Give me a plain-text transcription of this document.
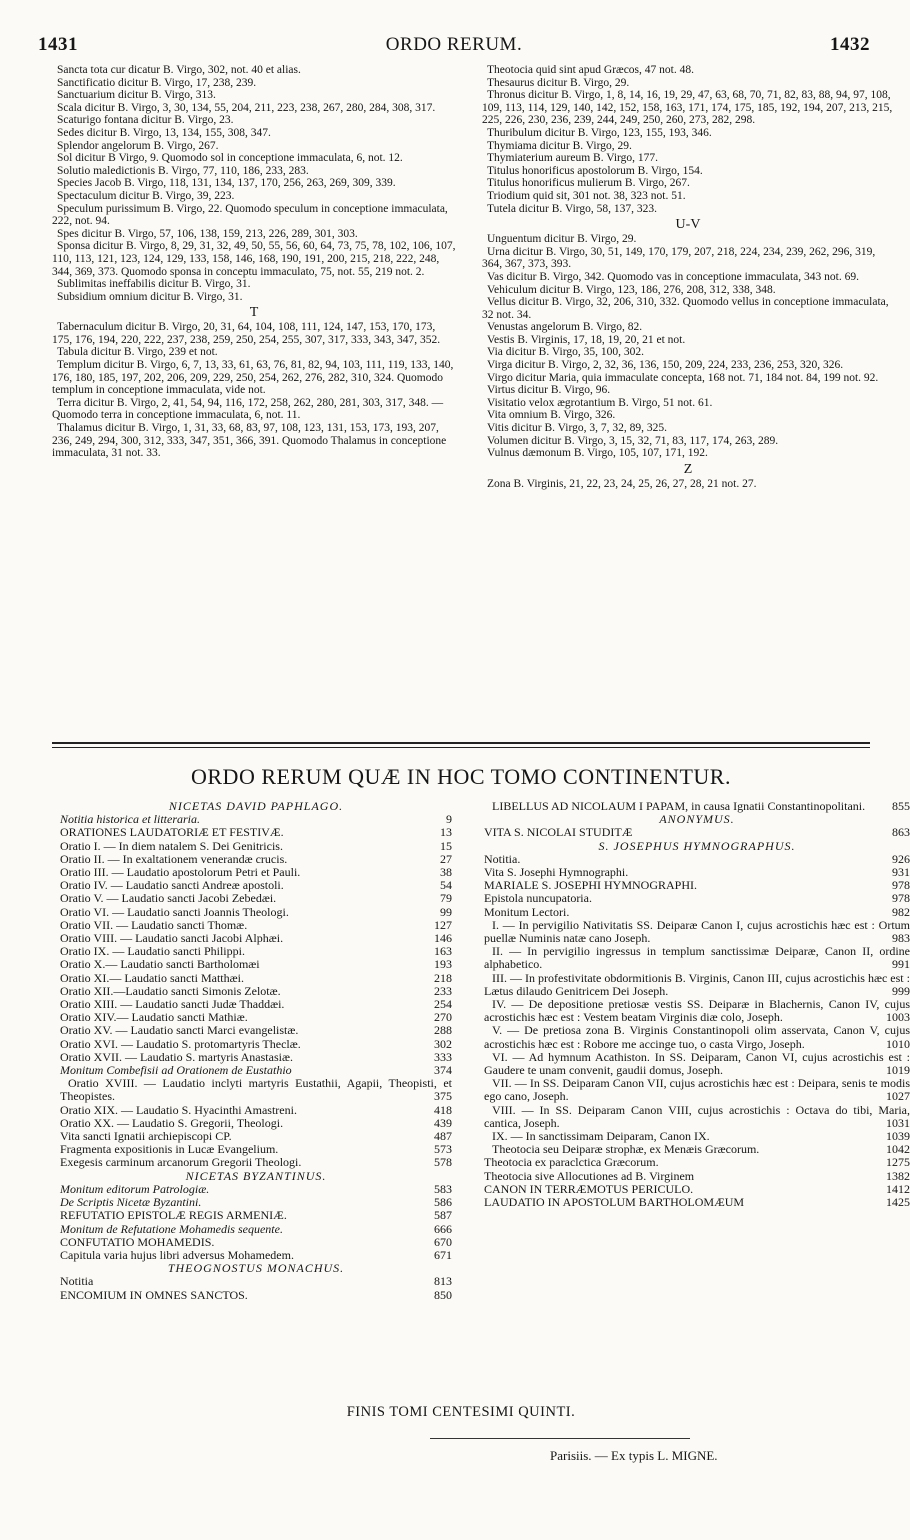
1431	ORDO RERUM.	1432

Sancta tota cur dicatur B. Virgo, 302, not. 40 et alias.

Sanctificatio dicitur B. Virgo, 17, 238, 239.

Sanctuarium dicitur B. Virgo, 313.

Scala dicitur B. Virgo, 3, 30, 134, 55, 204, 211, 223, 238, 267, 280, 284, 308, 317.

Scaturigo fontana dicitur B. Virgo, 23.

Sedes dicitur B. Virgo, 13, 134, 155, 308, 347.

Splendor angelorum B. Virgo, 267.

Sol dicitur B Virgo, 9. Quomodo sol in conceptione immaculata, 6, not. 12.

Solutio maledictionis B. Virgo, 77, 110, 186, 233, 283.

Species Jacob B. Virgo, 118, 131, 134, 137, 170, 256, 263, 269, 309, 339.

Spectaculum dicitur B. Virgo, 39, 223.

Speculum purissimum B. Virgo, 22. Quomodo speculum in conceptione immaculata, 222, not. 94.

Spes dicitur B. Virgo, 57, 106, 138, 159, 213, 226, 289, 301, 303.

Sponsa dicitur B. Virgo, 8, 29, 31, 32, 49, 50, 55, 56, 60, 64, 73, 75, 78, 102, 106, 107, 110, 113, 121, 123, 124, 129, 133, 158, 146, 168, 190, 191, 200, 215, 218, 222, 248, 344, 369, 373. Quomodo sponsa in conceptu immaculato, 75, not. 55, 219 not. 2.

Sublimitas ineffabilis dicitur B. Virgo, 31.

Subsidium omnium dicitur B. Virgo, 31.

T

Tabernaculum dicitur B. Virgo, 20, 31, 64, 104, 108, 111, 124, 147, 153, 170, 173, 175, 176, 194, 220, 222, 237, 238, 259, 250, 254, 255, 307, 317, 333, 343, 347, 352.

Tabula dicitur B. Virgo, 239 et not.

Templum dicitur B. Virgo, 6, 7, 13, 33, 61, 63, 76, 81, 82, 94, 103, 111, 119, 133, 140, 176, 180, 185, 197, 202, 206, 209, 229, 250, 254, 262, 276, 282, 310, 324. Quomodo templum in conceptione immaculata, vide not.

Terra dicitur B. Virgo, 2, 41, 54, 94, 116, 172, 258, 262, 280, 281, 303, 317, 348. — Quomodo terra in conceptione immaculata, 6, not. 11.

Thalamus dicitur B. Virgo, 1, 31, 33, 68, 83, 97, 108, 123, 131, 153, 173, 193, 207, 236, 249, 294, 300, 312, 333, 347, 351, 366, 391. Quomodo Thalamus in conceptione immaculata, 31 not. 33.

Theotocia quid sint apud Græcos, 47 not. 48.

Thesaurus dicitur B. Virgo, 29.

Thronus dicitur B. Virgo, 1, 8, 14, 16, 19, 29, 47, 63, 68, 70, 71, 82, 83, 88, 94, 97, 108, 109, 113, 114, 129, 140, 142, 152, 158, 163, 171, 174, 175, 185, 192, 194, 207, 213, 215, 225, 226, 230, 236, 239, 244, 249, 250, 260, 273, 282, 298.

Thuribulum dicitur B. Virgo, 123, 155, 193, 346.

Thymiama dicitur B. Virgo, 29.

Thymiaterium aureum B. Virgo, 177.

Titulus honorificus apostolorum B. Virgo, 154.

Titulus honorificus mulierum B. Virgo, 267.

Triodium quid sit, 301 not. 38, 323 not. 51.

Tutela dicitur B. Virgo, 58, 137, 323.

U-V

Unguentum dicitur B. Virgo, 29.

Urna dicitur B. Virgo, 30, 51, 149, 170, 179, 207, 218, 224, 234, 239, 262, 296, 319, 364, 367, 373, 393.

Vas dicitur B. Virgo, 342. Quomodo vas in conceptione immaculata, 343 not. 69.

Vehiculum dicitur B. Virgo, 123, 186, 276, 208, 312, 338, 348.

Vellus dicitur B. Virgo, 32, 206, 310, 332. Quomodo vellus in conceptione immaculata, 32 not. 34.

Venustas angelorum B. Virgo, 82.

Vestis B. Virginis, 17, 18, 19, 20, 21 et not.

Via dicitur B. Virgo, 35, 100, 302.

Virga dicitur B. Virgo, 2, 32, 36, 136, 150, 209, 224, 233, 236, 253, 320, 326.

Virgo dicitur Maria, quia immaculate concepta, 168 not. 71, 184 not. 84, 199 not. 92.

Virtus dicitur B. Virgo, 96.

Visitatio velox ægrotantium B. Virgo, 51 not. 61.

Vita omnium B. Virgo, 326.

Vitis dicitur B. Virgo, 3, 7, 32, 89, 325.

Volumen dicitur B. Virgo, 3, 15, 32, 71, 83, 117, 174, 263, 289.

Vulnus dæmonum B. Virgo, 105, 107, 171, 192.

Z

Zona B. Virginis, 21, 22, 23, 24, 25, 26, 27, 28, 21 not. 27.

ORDO RERUM QUÆ IN HOC TOMO CONTINENTUR.

NICETAS DAVID PAPHLAGO.

Notitia historica et litteraria.	9
ORATIONES LAUDATORIÆ ET FESTIVÆ.	13
Oratio I. — In diem natalem S. Dei Genitricis.	15
Oratio II. — In exaltationem venerandæ crucis.	27
Oratio III. — Laudatio apostolorum Petri et Pauli.	38
Oratio IV. — Laudatio sancti Andreæ apostoli.	54
Oratio V. — Laudatio sancti Jacobi Zebedæi.	79
Oratio VI. — Laudatio sancti Joannis Theologi.	99
Oratio VII. — Laudatio sancti Thomæ.	127
Oratio VIII. — Laudatio sancti Jacobi Alphæi.	146
Oratio IX. — Laudatio sancti Philippi.	163
Oratio X.— Laudatio sancti Bartholomæi	193
Oratio XI.— Laudatio sancti Matthæi.	218
Oratio XII.—Laudatio sancti Simonis Zelotæ.	233
Oratio XIII. — Laudatio sancti Judæ Thaddæi.	254
Oratio XIV.— Laudatio sancti Mathiæ.	270
Oratio XV. — Laudatio sancti Marci evangelistæ.	288
Oratio XVI. — Laudatio S. protomartyris Theclæ.	302
Oratio XVII. — Laudatio S. martyris Anastasiæ.	333
Monitum Combefisii ad Orationem de Eustathio	374
Oratio XVIII. — Laudatio inclyti martyris Eustathii, Agapii, Theopisti, et Theopistes.	375
Oratio XIX. — Laudatio S. Hyacinthi Amastreni.	418
Oratio XX. — Laudatio S. Gregorii, Theologi.	439
Vita sancti Ignatii archiepiscopi CP.	487
Fragmenta expositionis in Lucæ Evangelium.	573
Exegesis carminum arcanorum Gregorii Theologi.	578

NICETAS BYZANTINUS.

Monitum editorum Patrologiæ.	583
De Scriptis Nicetæ Byzantini.	586
REFUTATIO EPISTOLÆ REGIS ARMENIÆ.	587
Monitum de Refutatione Mohamedis sequente.	666
CONFUTATIO MOHAMEDIS.	670
Capitula varia hujus libri adversus Mohamedem.	671

THEOGNOSTUS MONACHUS.

Notitia	813
ENCOMIUM IN OMNES SANCTOS.	850
LIBELLUS AD NICOLAUM I PAPAM, in causa Ignatii Constantinopolitani.	855

ANONYMUS.

VITA S. NICOLAI STUDITÆ	863

S. JOSEPHUS HYMNOGRAPHUS.

Notitia.	926
Vita S. Josephi Hymnographi.	931
MARIALE S. JOSEPHI HYMNOGRAPHI.	978
Epistola nuncupatoria.	978
Monitum Lectori.	982
I. — In pervigilio Nativitatis SS. Deiparæ Canon I, cujus acrostichis hæc est : Ortum puellæ Numinis natæ cano Joseph.	983
II. — In pervigilio ingressus in templum sanctissimæ Deiparæ, Canon II, ordine alphabetico.	991
III. — In profestivitate obdormitionis B. Virginis, Canon III, cujus acrostichis hæc est : Lætus dilaudo Genitricem Dei Joseph.	999
IV. — De depositione pretiosæ vestis SS. Deiparæ in Blachernis, Canon IV, cujus acrostichis hæc est : Vestem beatam Virginis diæ colo, Joseph.	1003
V. — De pretiosa zona B. Virginis Constantinopoli olim asservata, Canon V, cujus acrostichis hæc est : Robore me accinge tuo, o casta Virgo, Joseph.	1010
VI. — Ad hymnum Acathiston. In SS. Deiparam, Canon VI, cujus acrostichis est : Gaudere te unam convenit, gaudii domus, Joseph.	1019
VII. — In SS. Deiparam Canon VII, cujus acrostichis hæc est : Deipara, senis te modis ego cano, Joseph.	1027
VIII. — In SS. Deiparam Canon VIII, cujus acrostichis : Octava do tibi, Maria, cantica, Joseph.	1031
IX. — In sanctissimam Deiparam, Canon IX.	1039
Theotocia seu Deiparæ strophæ, ex Menæis Græcorum.	1042
Theotocia ex paraclctica Græcorum.	1275
Theotocia sive Allocutiones ad B. Virginem	1382
CANON IN TERRÆMOTUS PERICULO.	1412
LAUDATIO IN APOSTOLUM BARTHOLOMÆUM	1425
FINIS TOMI CENTESIMI QUINTI.
Parisiis. — Ex typis L. MIGNE.
